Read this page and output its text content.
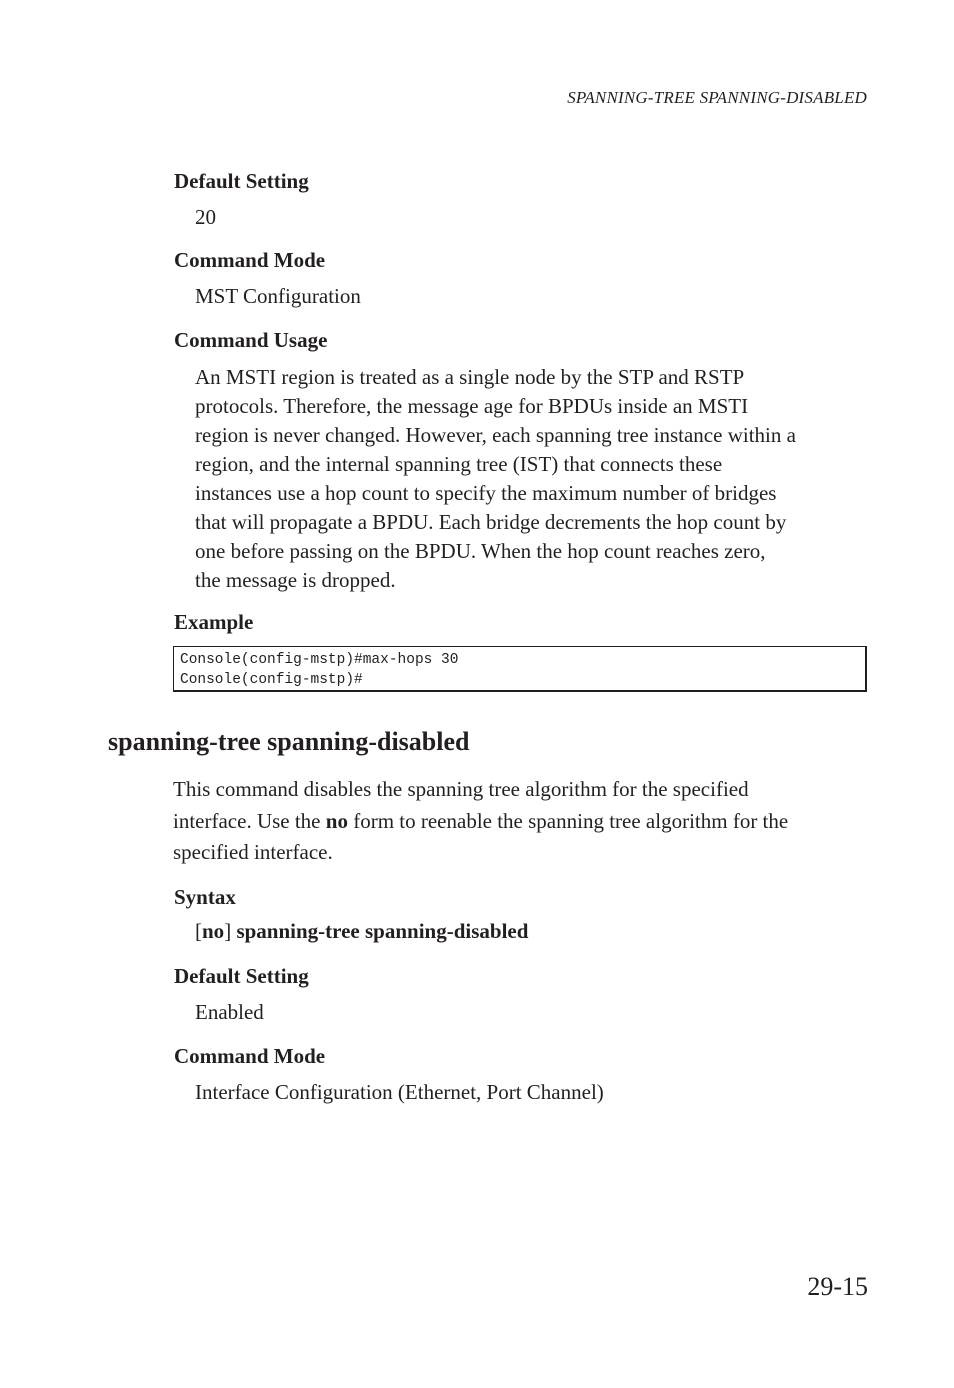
SPANNING-TREE SPANNING-DISABLED
Default Setting
20
Command Mode
MST Configuration
Command Usage
An MSTI region is treated as a single node by the STP and RSTP
protocols. Therefore, the message age for BPDUs inside an MSTI
region is never changed. However, each spanning tree instance within a
region, and the internal spanning tree (IST) that connects these
instances use a hop count to specify the maximum number of bridges
that will propagate a BPDU. Each bridge decrements the hop count by
one before passing on the BPDU. When the hop count reaches zero,
the message is dropped.
Example
Console(config-mstp)#max-hops 30
Console(config-mstp)#
spanning-tree spanning-disabled
This command disables the spanning tree algorithm for the specified
interface. Use the no form to reenable the spanning tree algorithm for the
specified interface.
Syntax
[no] spanning-tree spanning-disabled
Default Setting
Enabled
Command Mode
Interface Configuration (Ethernet, Port Channel)
29-15
